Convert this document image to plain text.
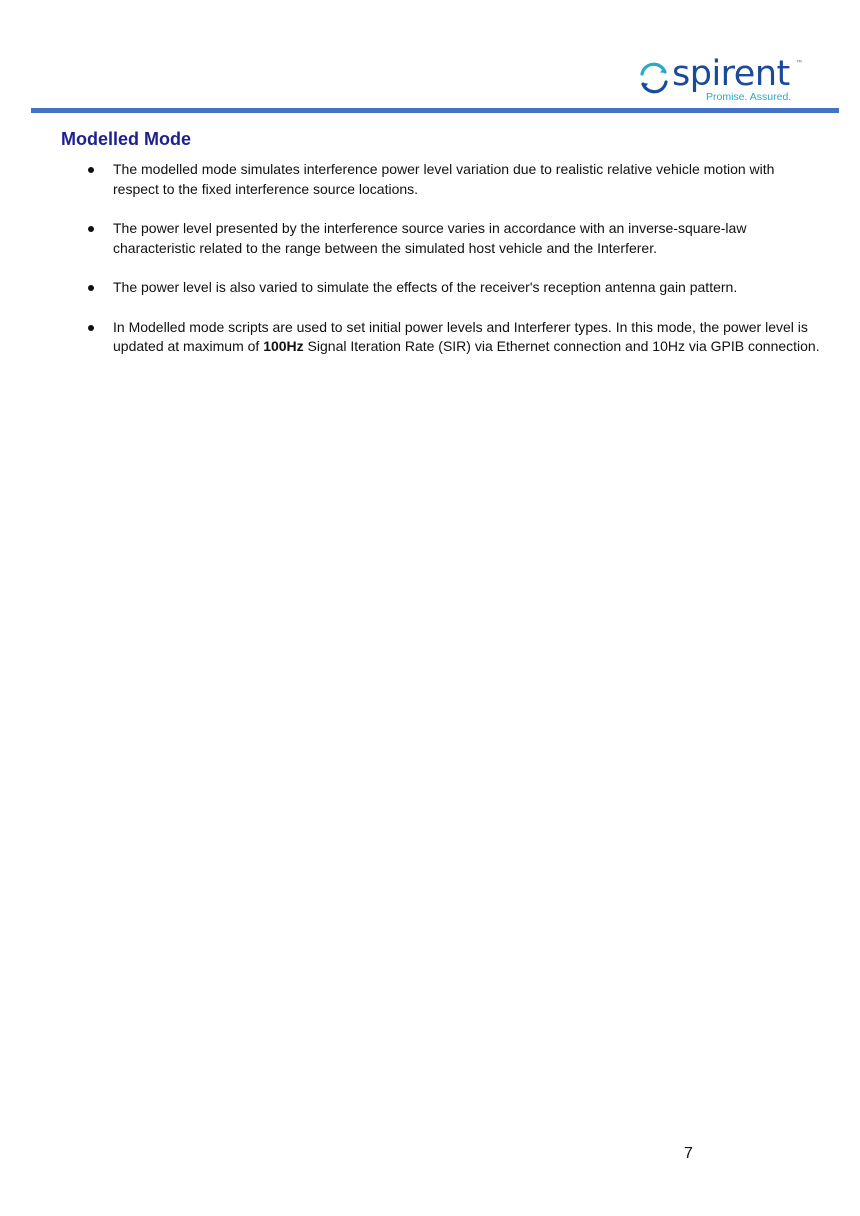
spirent ™
Promise. Assured.
Modelled Mode
The modelled mode simulates interference power level variation due to realistic relative vehicle motion with respect to the fixed interference source locations.
The power level presented by the interference source varies in accordance with an inverse-square-law characteristic related to the range between the simulated host vehicle and the Interferer.
The power level is also varied to simulate the effects of the receiver's reception antenna gain pattern.
In Modelled mode scripts are used to set initial power levels and Interferer types. In this mode, the power level is updated at maximum of 100Hz Signal Iteration Rate (SIR) via Ethernet connection and 10Hz via GPIB connection.
7
